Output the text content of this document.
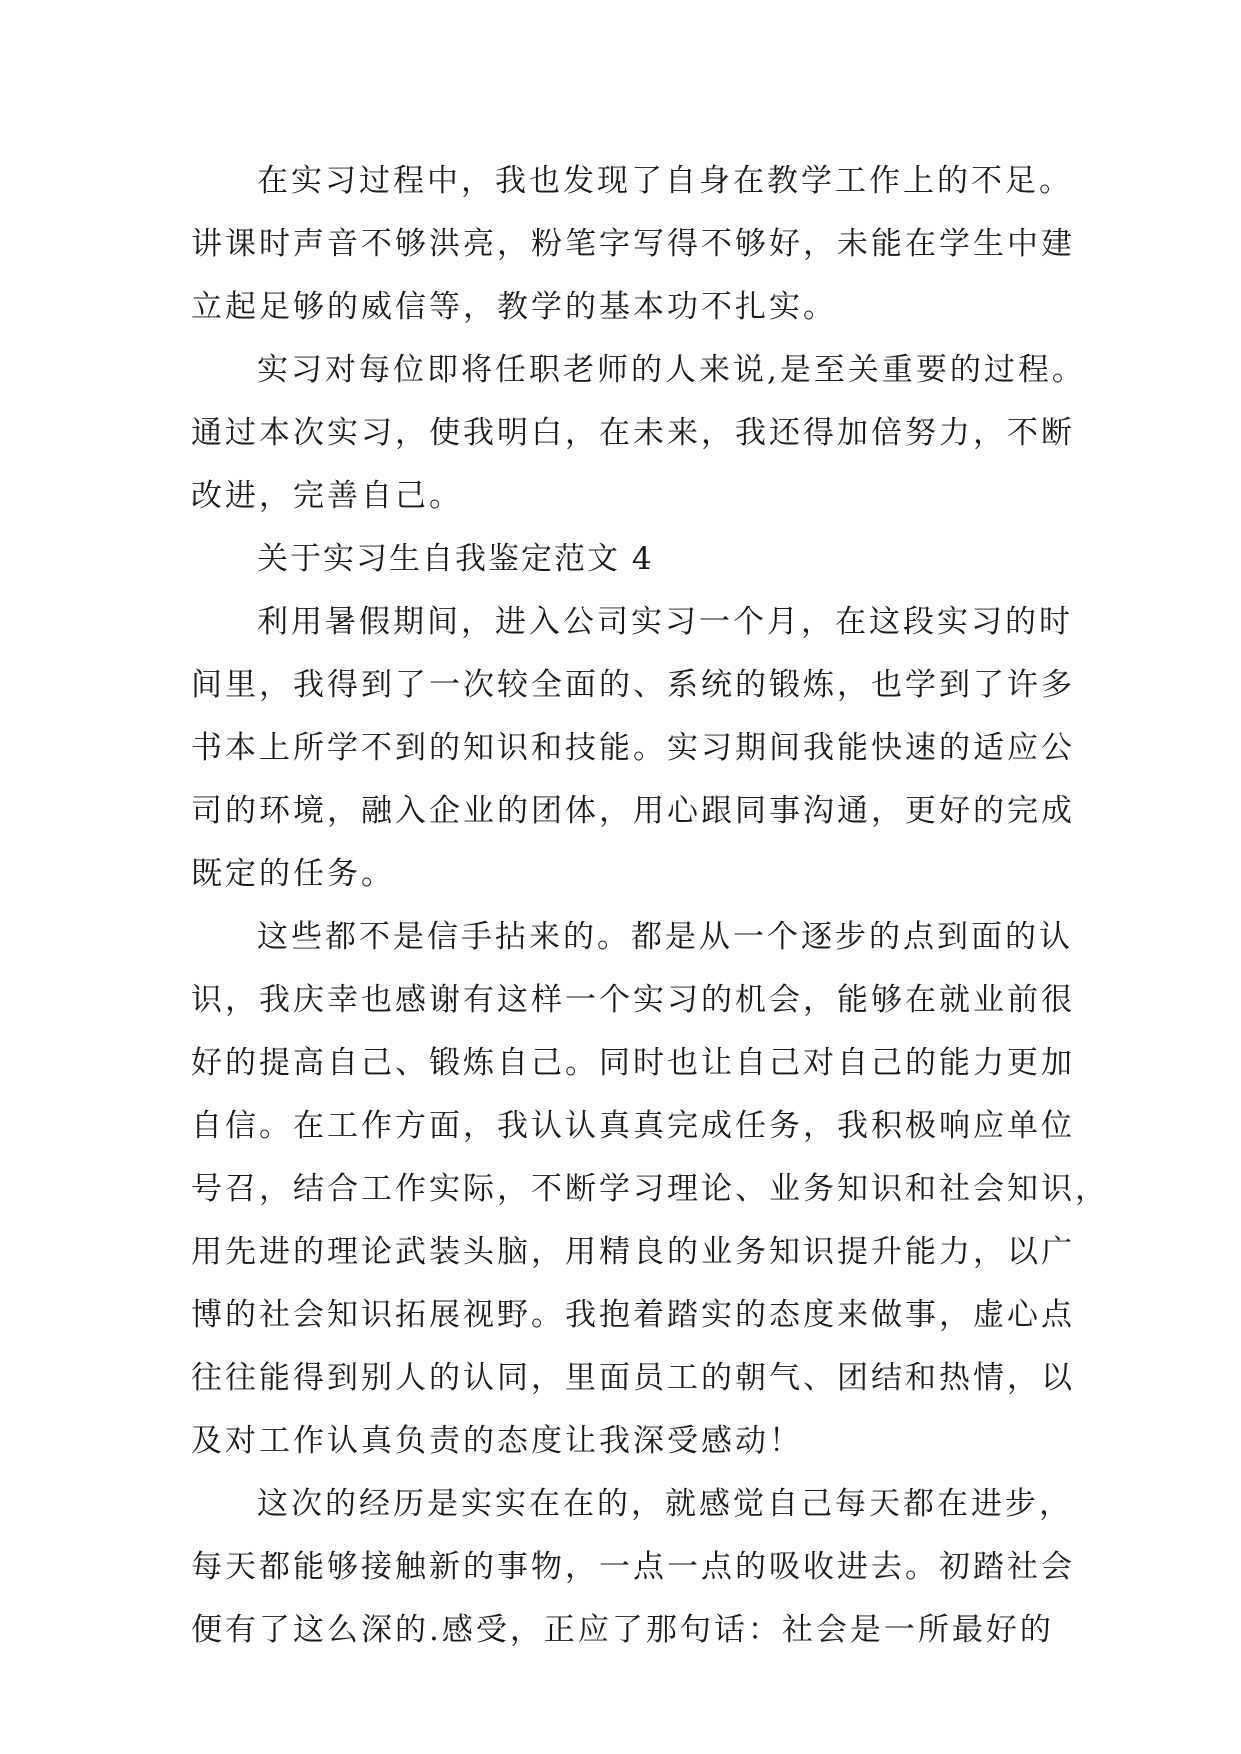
在实习过程中，我也发现了自身在教学工作上的不足。
讲课时声音不够洪亮，粉笔字写得不够好，未能在学生中建
立起足够的威信等，教学的基本功不扎实。
实习对每位即将任职老师的人来说,是至关重要的过程。
通过本次实习，使我明白，在未来，我还得加倍努力，不断
改进，完善自己。
关于实习生自我鉴定范文 4
利用暑假期间，进入公司实习一个月，在这段实习的时
间里，我得到了一次较全面的、系统的锻炼，也学到了许多
书本上所学不到的知识和技能。实习期间我能快速的适应公
司的环境，融入企业的团体，用心跟同事沟通，更好的完成
既定的任务。
这些都不是信手拈来的。都是从一个逐步的点到面的认
识，我庆幸也感谢有这样一个实习的机会，能够在就业前很
好的提高自己、锻炼自己。同时也让自己对自己的能力更加
自信。在工作方面，我认认真真完成任务，我积极响应单位
号召，结合工作实际，不断学习理论、业务知识和社会知识，
用先进的理论武装头脑，用精良的业务知识提升能力，以广
博的社会知识拓展视野。我抱着踏实的态度来做事，虚心点
往往能得到别人的认同，里面员工的朝气、团结和热情，以
及对工作认真负责的态度让我深受感动！
这次的经历是实实在在的，就感觉自己每天都在进步，
每天都能够接触新的事物，一点一点的吸收进去。初踏社会
便有了这么深的.感受，正应了那句话：社会是一所最好的
